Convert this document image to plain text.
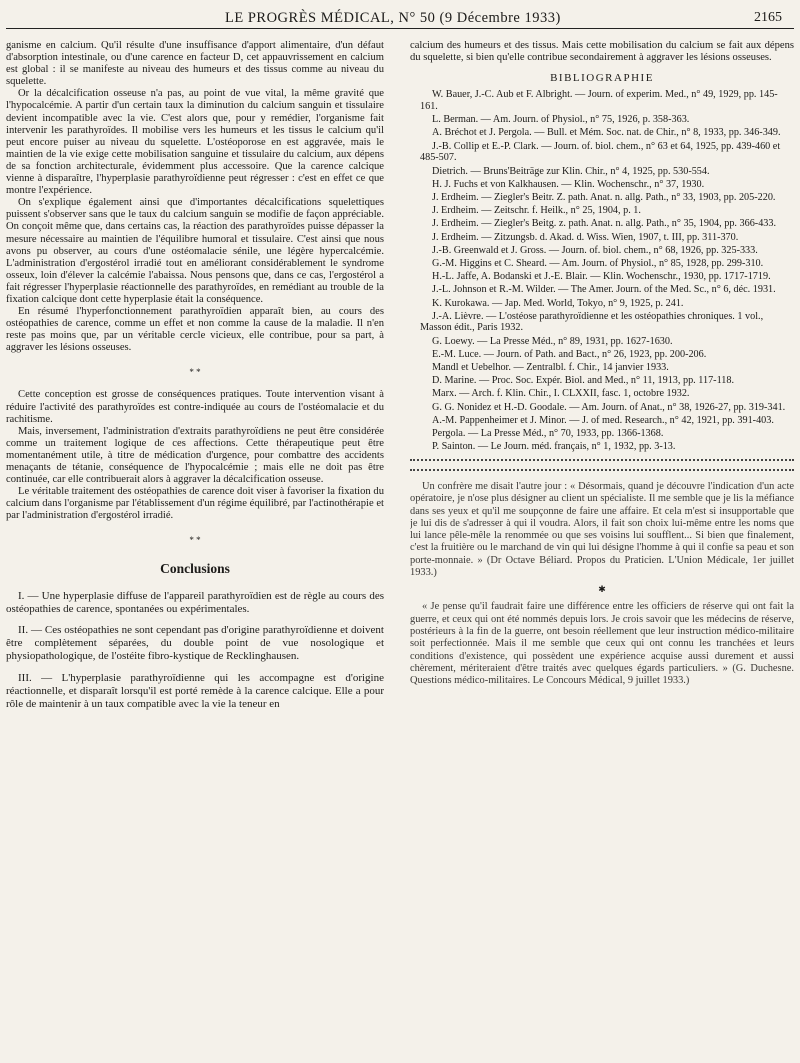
LE PROGRÈS MÉDICAL, N° 50 (9 Décembre 1933)	2165

ganisme en calcium. Qu'il résulte d'une insuffisance d'apport alimentaire, d'un défaut d'absorption intestinale, ou d'une carence en facteur D, cet appauvrissement en calcium est global : il se manifeste au niveau des humeurs et des tissus comme au niveau du squelette.

Or la décalcification osseuse n'a pas, au point de vue vital, la même gravité que l'hypocalcémie. A partir d'un certain taux la diminution du calcium sanguin et tissulaire devient incompatible avec la vie. C'est alors que, pour y remédier, l'organisme fait intervenir les parathyroïdes. Il mobilise vers les humeurs et les tissus le calcium qu'il peut encore puiser au niveau du squelette. L'ostéoporose en est aggravée, mais le maintien de la vie exige cette mobilisation sanguine et tissulaire du calcium, aux dépens de sa fonction architecturale, évidemment plus accessoire. Que la carence calcique vienne à disparaître, l'hyperplasie parathyroïdienne peut régresser : c'est en effet ce que montre l'expérience.

On s'explique également ainsi que d'importantes décalcifications squelettiques puissent s'observer sans que le taux du calcium sanguin se modifie de façon appréciable. On conçoit même que, dans certains cas, la réaction des parathyroïdes puisse dépasser la mesure nécessaire au maintien de l'équilibre humoral et tissulaire. C'est ainsi que nous avons pu observer, au cours d'une ostéomalacie sénile, une légère hypercalcémie. L'administration d'ergostérol irradié tout en améliorant considérablement le syndrome osseux, loin d'élever la calcémie l'abaissa. Nous pensons que, dans ce cas, l'ergostérol a fait régresser l'hyperplasie réactionnelle des parathyroïdes, en remédiant au trouble de la fixation calcique dont cette hyperplasie était la conséquence.

En résumé l'hyperfonctionnement parathyroïdien apparaît bien, au cours des ostéopathies de carence, comme un effet et non comme la cause de la maladie. Il n'en reste pas moins que, par un véritable cercle vicieux, elle contribue, pour sa part, à aggraver les lésions osseuses.

* *

Cette conception est grosse de conséquences pratiques. Toute intervention visant à réduire l'activité des parathyroïdes est contre-indiquée au cours de l'ostéomalacie et du rachitisme.

Mais, inversement, l'administration d'extraits parathyroïdiens ne peut être considérée comme un traitement logique de ces affections. Cette thérapeutique peut être momentanément utile, à titre de médication d'urgence, pour combattre des accidents menaçants de tétanie, conséquence de l'hypocalcémie ; mais elle ne doit pas être continuée, car elle contribuerait alors à aggraver la décalcification osseuse.

Le véritable traitement des ostéopathies de carence doit viser à favoriser la fixation du calcium dans l'organisme par l'établissement d'un régime équilibré, par l'actinothérapie et par l'administration d'ergostérol irradié.

* *
Conclusions

I. — Une hyperplasie diffuse de l'appareil parathyroïdien est de règle au cours des ostéopathies de carence, spontanées ou expérimentales.

II. — Ces ostéopathies ne sont cependant pas d'origine parathyroïdienne et doivent être complètement séparées, du double point de vue nosologique et physiopathologique, de l'ostéite fibro-kystique de Recklinghausen.

III. — L'hyperplasie parathyroïdienne qui les accompagne est d'origine réactionnelle, et disparaît lorsqu'il est porté remède à la carence calcique. Elle a pour rôle de maintenir à un taux compatible avec la vie la teneur en

calcium des humeurs et des tissus. Mais cette mobilisation du calcium se fait aux dépens du squelette, si bien qu'elle contribue secondairement à aggraver les lésions osseuses.

BIBLIOGRAPHIE

W. Bauer, J.-C. Aub et F. Albright. — Journ. of experim. Med., n° 49, 1929, pp. 145-161.

L. Berman. — Am. Journ. of Physiol., n° 75, 1926, p. 358-363.

A. Bréchot et J. Pergola. — Bull. et Mém. Soc. nat. de Chir., n° 8, 1933, pp. 346-349.

J.-B. Collip et E.-P. Clark. — Journ. of. biol. chem., n° 63 et 64, 1925, pp. 439-460 et 485-507.

Dietrich. — Bruns'Beiträge zur Klin. Chir., n° 4, 1925, pp. 530-554.

H. J. Fuchs et von Kalkhausen. — Klin. Wochenschr., n° 37, 1930.

J. Erdheim. — Ziegler's Beitr. Z. path. Anat. n. allg. Path., n° 33, 1903, pp. 205-220.

J. Erdheim. — Zeitschr. f. Heilk., n° 25, 1904, p. 1.

J. Erdheim. — Ziegler's Beitg. z. path. Anat. n. allg. Path., n° 35, 1904, pp. 366-433.

J. Erdheim. — Zitzungsb. d. Akad. d. Wiss. Wien, 1907, t. III, pp. 311-370.

J.-B. Greenwald et J. Gross. — Journ. of. biol. chem., n° 68, 1926, pp. 325-333.

G.-M. Higgins et C. Sheard. — Am. Journ. of Physiol., n° 85, 1928, pp. 299-310.

H.-L. Jaffe, A. Bodanski et J.-E. Blair. — Klin. Wochenschr., 1930, pp. 1717-1719.

J.-L. Johnson et R.-M. Wilder. — The Amer. Journ. of the Med. Sc., n° 6, déc. 1931.

K. Kurokawa. — Jap. Med. World, Tokyo, n° 9, 1925, p. 241.

J.-A. Lièvre. — L'ostéose parathyroïdienne et les ostéopathies chroniques. 1 vol., Masson édit., Paris 1932.

G. Loewy. — La Presse Méd., n° 89, 1931, pp. 1627-1630.

E.-M. Luce. — Journ. of Path. and Bact., n° 26, 1923, pp. 200-206.

Mandl et Uebelhor. — Zentralbl. f. Chir., 14 janvier 1933.

D. Marine. — Proc. Soc. Expér. Biol. and Med., n° 11, 1913, pp. 117-118.

Marx. — Arch. f. Klin. Chir., I. CLXXII, fasc. 1, octobre 1932.

G. G. Nonidez et H.-D. Goodale. — Am. Journ. of Anat., n° 38, 1926-27, pp. 319-341.

A.-M. Pappenheimer et J. Minor. — J. of med. Research., n° 42, 1921, pp. 391-403.

Pergola. — La Presse Méd., n° 70, 1933, pp. 1366-1368.

P. Sainton. — Le Journ. méd. français, n° 1, 1932, pp. 3-13.

Un confrère me disait l'autre jour : « Désormais, quand je découvre l'indication d'un acte opératoire, je n'ose plus désigner au client un spécialiste. Il me semble que je lis la méfiance dans ses yeux et qu'il me soupçonne de faire une affaire. Et cela m'est si insupportable que je lui dis de s'adresser à qui il voudra. Alors, il fait son choix lui-même entre les noms que lui lance pêle-mêle la renommée ou que ses voisins lui soufflent... Si bien que finalement, c'est la fruitière ou le marchand de vin qui lui désigne l'homme à qui il confie sa peau et son porte-monnaie. » (Dr Octave Béliard. Propos du Praticien. L'Union Médicale, 1er juillet 1933.)

✱

« Je pense qu'il faudrait faire une différence entre les officiers de réserve qui ont fait la guerre, et ceux qui ont été nommés depuis lors. Je crois savoir que les médecins de réserve, postérieurs à la fin de la guerre, ont besoin réellement que leur instruction médico-militaire soit perfectionnée. Mais il me semble que ceux qui ont connu les tranchées et leurs conditions d'existence, qui possèdent une expérience acquise aussi durement et aussi chèrement, mériteraient d'être traités avec quelques égards particuliers. » (G. Duchesne. Questions médico-militaires. Le Concours Médical, 9 juillet 1933.)
